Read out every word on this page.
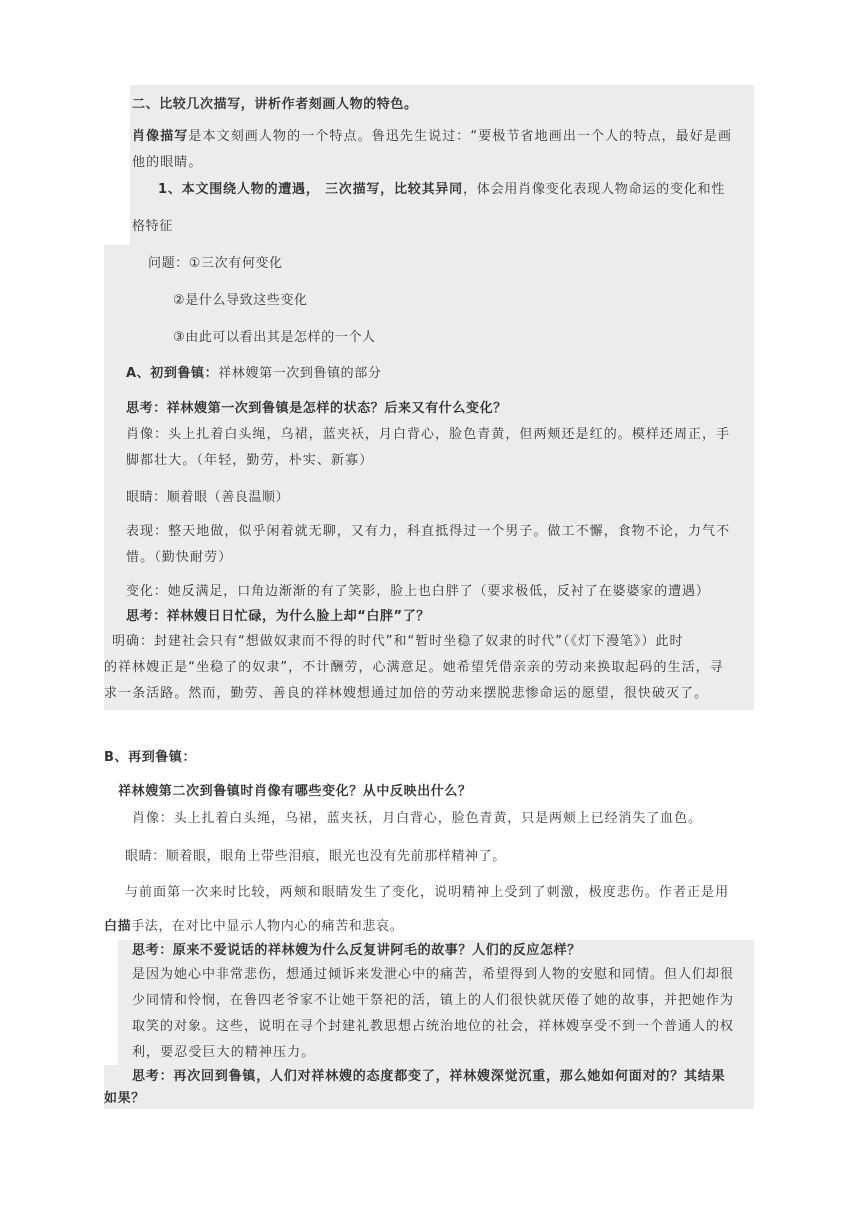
二、比较几次描写，讲析作者刻画人物的特色。
肖像描写是本文刻画人物的一个特点。鲁迅先生说过：“要极节省地画出一个人的特点，最好是画
他的眼睛。
1、本文围绕人物的遭遇， 三次描写，比较其异同，体会用肖像变化表现人物命运的变化和性
格特征
问题：①三次有何变化
②是什么导致这些变化
③由此可以看出其是怎样的一个人
A、初到鲁镇：祥林嫂第一次到鲁镇的部分
思考：祥林嫂第一次到鲁镇是怎样的状态？后来又有什么变化？
肖像：头上扎着白头绳，乌裙，蓝夹袄，月白背心，脸色青黄，但两颊还是红的。模样还周正，手
脚都壮大。（年轻，勤劳，朴实、新寡）
眼睛：顺着眼（善良温顺）
表现：整天地做，似乎闲着就无聊，又有力，科直抵得过一个男子。做工不懈，食物不论，力气不
惜。（勤快耐劳）
变化：她反满足，口角边渐渐的有了笑影，脸上也白胖了（要求极低，反衬了在婆婆家的遭遇）
思考：祥林嫂日日忙碌，为什么脸上却“白胖”了？
明确：封建社会只有“想做奴隶而不得的时代”和“暂时坐稳了奴隶的时代”（《灯下漫笔》）此时
的祥林嫂正是“坐稳了的奴隶”，不计酬劳，心满意足。她希望凭借亲亲的劳动来换取起码的生活，寻
求一条活路。然而，勤劳、善良的祥林嫂想通过加倍的劳动来摆脱悲惨命运的愿望，很快破灭了。
B、再到鲁镇：
祥林嫂第二次到鲁镇时肖像有哪些变化？从中反映出什么？
肖像：头上扎着白头绳，乌裙，蓝夹袄，月白背心，脸色青黄，只是两颊上已经消失了血色。
眼睛：顺着眼，眼角上带些泪痕，眼光也没有先前那样精神了。
与前面第一次来时比较，两颊和眼睛发生了变化，说明精神上受到了刺激，极度悲伤。作者正是用
白描手法，在对比中显示人物内心的痛苦和悲哀。
思考：原来不爱说话的祥林嫂为什么反复讲阿毛的故事？人们的反应怎样？
是因为她心中非常悲伤，想通过倾诉来发泄心中的痛苦，希望得到人物的安慰和同情。但人们却很
少同情和怜悯，在鲁四老爷家不让她干祭祀的活，镇上的人们很快就厌倦了她的故事，并把她作为
取笑的对象。这些，说明在寻个封建礼教思想占统治地位的社会，祥林嫂享受不到一个普通人的权
利，要忍受巨大的精神压力。
思考：再次回到鲁镇，人们对祥林嫂的态度都变了，祥林嫂深觉沉重，那么她如何面对的？其结果
如果？
